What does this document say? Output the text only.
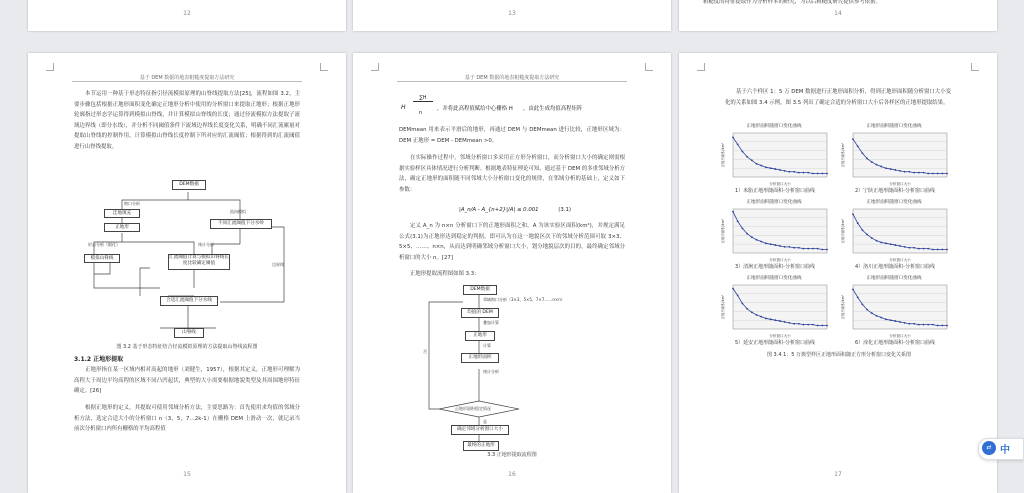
12	13
粗糙度的特征提取作为分析样本的研究，为以后粗糙度研究提供参考依据。
14
基于 DEM 数据的地表粗糙度提取方法研究
本节运用一种基于形态特征指引径流模拟原理的山脊线提取方法[25]，流程如图 3.2，主要步骤包括根据正地形面积变化确定正地形分析中使用的分析窗口来提取正地形；根据正地形轮廓指过形态学运算得到模拟山脊线，并计算模拟山脊线的长度；通过径流模拟方法提取子流域边界线（即分水线），并分析不同阈值条件下流域边界线长度变化关系，明确不同汇流累量对提取山脊线的控制作用，计算模拟山脊线长度控制下所对应的汇流阈值；根据得到的汇流阈值进行山脊线提取。
DEM数据
洼地填充
正地形
不同汇流阈值下分水岭
模拟山脊线	汇流阈值计算与模拟山脊线长度比较确定阈值
合适汇流阈值下分水线
山脊线
窗口分析
流向模拟
形态分析（细化）	统计分析
边界线
图 3.2 基于形态特征结合径流模拟原理的方法提取山脊线流程图
3.1.2 正地形提取
正地形指在某一区域内相对高起的地形（刘健生，1957），根据其定义，正地形可理解为高程大于周边平均高程的区域不同凸凹起伏，典型的大小需要根据地貌类型及其周围地形特征确定。[26]
根据正地形的定义，其提取可使用邻域分析方法，主要思路为：首先使用求均值的邻域分析方法，选定合适大小的分析窗口 n（3，5，7…2k-1）在栅格 DEM 上滑动一次，就记录当前次分析窗口内所有栅格的平均高程值
15
基于 DEM 数据的地表粗糙度提取方法研究
H
∑H
n
，并将此高程值赋给中心栅格 H ，由此生成均值高程矩阵
DEMmean 用来表示平滑后的地形，再通过 DEM 与 DEMmean 进行比较，正地形区域为：DEM 正地形 = DEM - DEMmean >0。
在实际操作过程中，邻域分析窗口多采用正方形分析窗口，而分析窗口大小的确定则需根据实验样区具体情况进行分析判断。根据地表特征理论可知，通过基于 DEM 的多重邻域分析方法，确定正地形的面积随不同邻域大小分析窗口变化的规律，在邻域分析的基础上，定义如下参数：
|A_n/A - A_{n+2}|/A| ≤ 0.001	(3.1)
定义 A_n 为 n×n 分析窗口下的正地形面积之和，A 为该实验区面积(km²)，并规定满足公式(3.1)为正地形达到稳定的判据，即可认为在这一地貌区次下的邻域分析范围可取 3×3、5×5、……、n×n，从而达到明确邻域分析窗口大小，划分地貌层次的目的，最终确定邻域分析窗口的大小 n。[27]
正地形提取流程图如图 3.3：
DEM数据
邻域窗口分析（3×3、5×5、7×7……n×n）
均值的 DEM
叠加计算
正地形
计算
正地形面积
统计分析
正地形面积稳定情况
是
否
确定邻域分析窗口大小
最终的正地形
3.3 正地形提取流程图
16
基于六个样区 1：5 万 DEM 数据进行正地形面积分析，得到正地形面积随分析窗口大小变化的关系如图 3.4 示例，图 3.5 列出了确定合适的分析窗口大小后各样区的正地形提取结果。
正地形面积随窗口变化曲线
分析窗口大小
正地形面积/km²
1）米脂正地形随面积-分析窗口曲线
正地形面积随窗口变化曲线
分析窗口大小
正地形面积/km²
2）宁陕正地形随面积-分析窗口曲线
正地形面积随窗口变化曲线
分析窗口大小
正地形面积/km²
3）清涧正地形随面积-分析窗口曲线
正地形面积随窗口变化曲线
分析窗口大小
正地形面积/km²
4）洛川正地形随面积-分析窗口曲线
正地形面积随窗口变化曲线
分析窗口大小
正地形面积/km²
5）延安正地形随面积-分析窗口曲线
正地形面积随窗口变化曲线
分析窗口大小
正地形面积/km²
6）淳化正地形随面积-分析窗口曲线
图 3.4 1：5 万典型样区正地形面积随正方形分析窗口变化关系图
17
⇄ 中
